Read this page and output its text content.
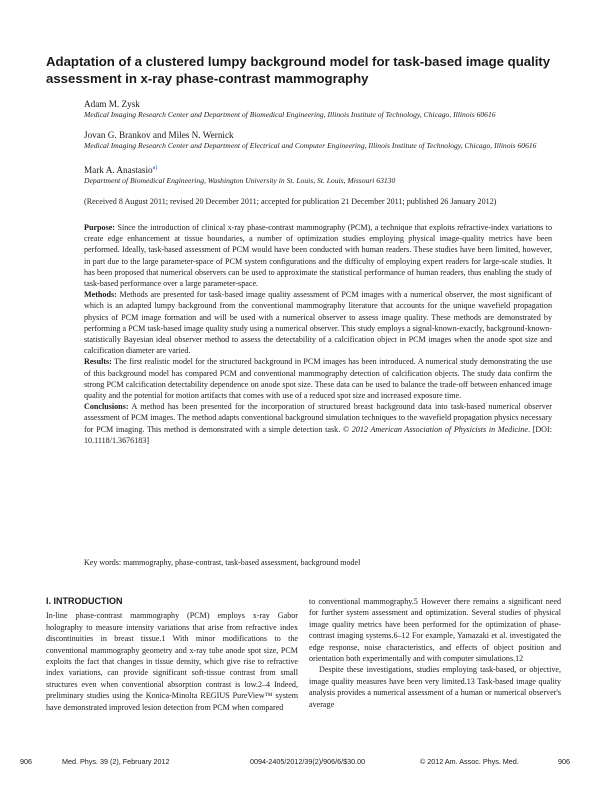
Adaptation of a clustered lumpy background model for task-based image quality assessment in x-ray phase-contrast mammography
Adam M. Zysk
Medical Imaging Research Center and Department of Biomedical Engineering, Illinois Institute of Technology, Chicago, Illinois 60616
Jovan G. Brankov and Miles N. Wernick
Medical Imaging Research Center and Department of Electrical and Computer Engineering, Illinois Institute of Technology, Chicago, Illinois 60616
Mark A. Anastasio$^{a)}$
Department of Biomedical Engineering, Washington University in St. Louis, St. Louis, Missouri 63130
(Received 8 August 2011; revised 20 December 2011; accepted for publication 21 December 2011; published 26 January 2012)

Purpose: Since the introduction of clinical x-ray phase-contrast mammography (PCM), a technique that exploits refractive-index variations to create edge enhancement at tissue boundaries, a number of optimization studies employing physical image-quality metrics have been performed. Ideally, task-based assessment of PCM would have been conducted with human readers. These studies have been limited, however, in part due to the large parameter-space of PCM system configurations and the difficulty of employing expert readers for large-scale studies. It has been proposed that numerical observers can be used to approximate the statistical performance of human readers, thus enabling the study of task-based performance over a large parameter-space.

Methods: Methods are presented for task-based image quality assessment of PCM images with a numerical observer, the most significant of which is an adapted lumpy background from the conventional mammography literature that accounts for the unique wavefield propagation physics of PCM image formation and will be used with a numerical observer to assess image quality. These methods are demonstrated by performing a PCM task-based image quality study using a numerical observer. This study employs a signal-known-exactly, background-known-statistically Bayesian ideal observer method to assess the detectability of a calcification object in PCM images when the anode spot size and calcification diameter are varied.

Results: The first realistic model for the structured background in PCM images has been introduced. A numerical study demonstrating the use of this background model has compared PCM and conventional mammography detection of calcification objects. The study data confirm the strong PCM calcification detectability dependence on anode spot size. These data can be used to balance the trade-off between enhanced image quality and the potential for motion artifacts that comes with use of a reduced spot size and increased exposure time.

Conclusions: A method has been presented for the incorporation of structured breast background data into task-based numerical observer assessment of PCM images. The method adapts conventional background simulation techniques to the wavefield propagation physics necessary for PCM imaging. This method is demonstrated with a simple detection task. © 2012 American Association of Physicists in Medicine. [DOI: 10.1118/1.3676183]

Key words: mammography, phase-contrast, task-based assessment, background model
I. INTRODUCTION

In-line phase-contrast mammography (PCM) employs x-ray Gabor holography to measure intensity variations that arise from refractive index discontinuities in breast tissue.1 With minor modifications to the conventional mammography geometry and x-ray tube anode spot size, PCM exploits the fact that changes in tissue density, which give rise to refractive index variations, can provide significant soft-tissue contrast from small structures even when conventional absorption contrast is low.2–4 Indeed, preliminary studies using the Konica-Minolta REGIUS PureView™ system have demonstrated improved lesion detection from PCM when compared

to conventional mammography.5 However there remains a significant need for further system assessment and optimization. Several studies of physical image quality metrics have been performed for the optimization of phase-contrast imaging systems.6–12 For example, Yamazaki et al. investigated the edge response, noise characteristics, and effects of object position and orientation both experimentally and with computer simulations.12

Despite these investigations, studies employing task-based, or objective, image quality measures have been very limited.13 Task-based image quality analysis provides a numerical assessment of a human or numerical observer's average

906	Med. Phys. 39 (2), February 2012	0094-2405/2012/39(2)/906/6/$30.00	© 2012 Am. Assoc. Phys. Med.	906
